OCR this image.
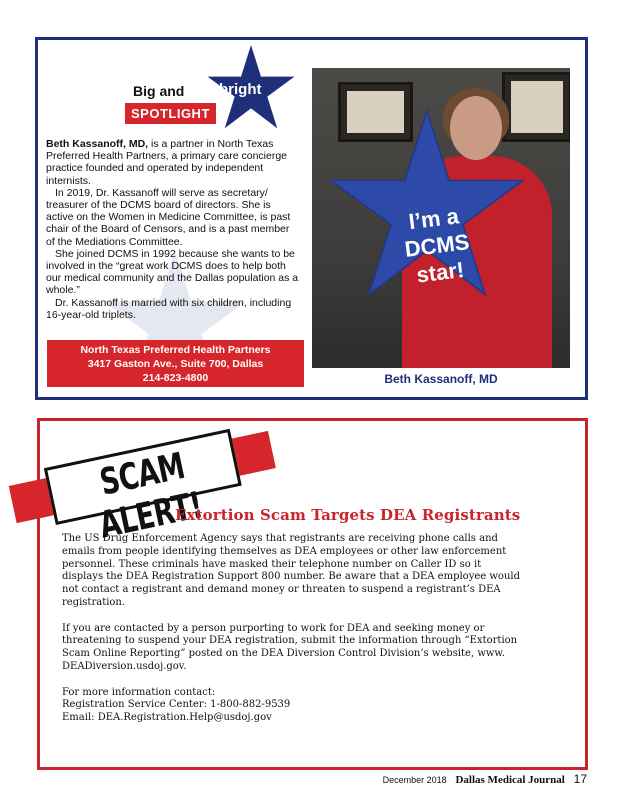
Big and bright
SPOTLIGHT

Beth Kassanoff, MD, is a partner in North Texas Preferred Health Partners, a primary care concierge practice founded and operated by independent internists.

In 2019, Dr. Kassanoff will serve as secretary/ treasurer of the DCMS board of directors. She is active on the Women in Medicine Committee, is past chair of the Board of Censors, and is a past member of the Mediations Committee.

She joined DCMS in 1992 because she wants to be involved in the “great work DCMS does to help both our medical community and the Dallas population as a whole.”

Dr. Kassanoff is married with six children, including 16-year-old triplets.

North Texas Preferred Health Partners
3417 Gaston Ave., Suite 700, Dallas
214-823-4800
I’m a
DCMS
star!
Beth Kassanoff, MD
SCAM ALERT!
Extortion Scam Targets DEA Registrants

The US Drug Enforcement Agency says that registrants are receiving phone calls and
emails from people identifying themselves as DEA employees or other law enforcement
personnel. These criminals have masked their telephone number on Caller ID so it
displays the DEA Registration Support 800 number. Be aware that a DEA employee would
not contact a registrant and demand money or threaten to suspend a registrant’s DEA
registration.

If you are contacted by a person purporting to work for DEA and seeking money or
threatening to suspend your DEA registration, submit the information through “Extortion
Scam Online Reporting” posted on the DEA Diversion Control Division’s website, www.
DEADiversion.usdoj.gov.

For more information contact:
Registration Service Center: 1-800-882-9539
Email: DEA.Registration.Help@usdoj.gov

December 2018 Dallas Medical Journal 17
